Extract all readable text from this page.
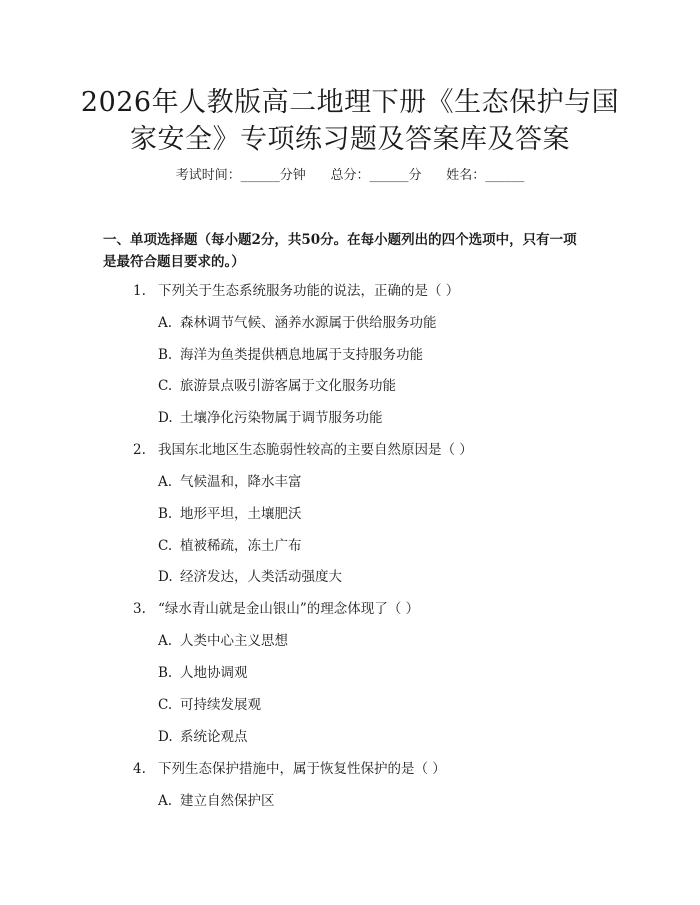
2026年人教版高二地理下册《生态保护与国
家安全》专项练习题及答案库及答案
考试时间：______分钟      总分：______分      姓名：______
一、单项选择题（每小题2分，共50分。在每小题列出的四个选项中，只有一项
是最符合题目要求的。）
1. 下列关于生态系统服务功能的说法，正确的是（ ）
A. 森林调节气候、涵养水源属于供给服务功能
B. 海洋为鱼类提供栖息地属于支持服务功能
C. 旅游景点吸引游客属于文化服务功能
D. 土壤净化污染物属于调节服务功能
2. 我国东北地区生态脆弱性较高的主要自然原因是（ ）
A. 气候温和，降水丰富
B. 地形平坦，土壤肥沃
C. 植被稀疏，冻土广布
D. 经济发达，人类活动强度大
3. “绿水青山就是金山银山”的理念体现了（ ）
A. 人类中心主义思想
B. 人地协调观
C. 可持续发展观
D. 系统论观点
4. 下列生态保护措施中，属于恢复性保护的是（ ）
A. 建立自然保护区
